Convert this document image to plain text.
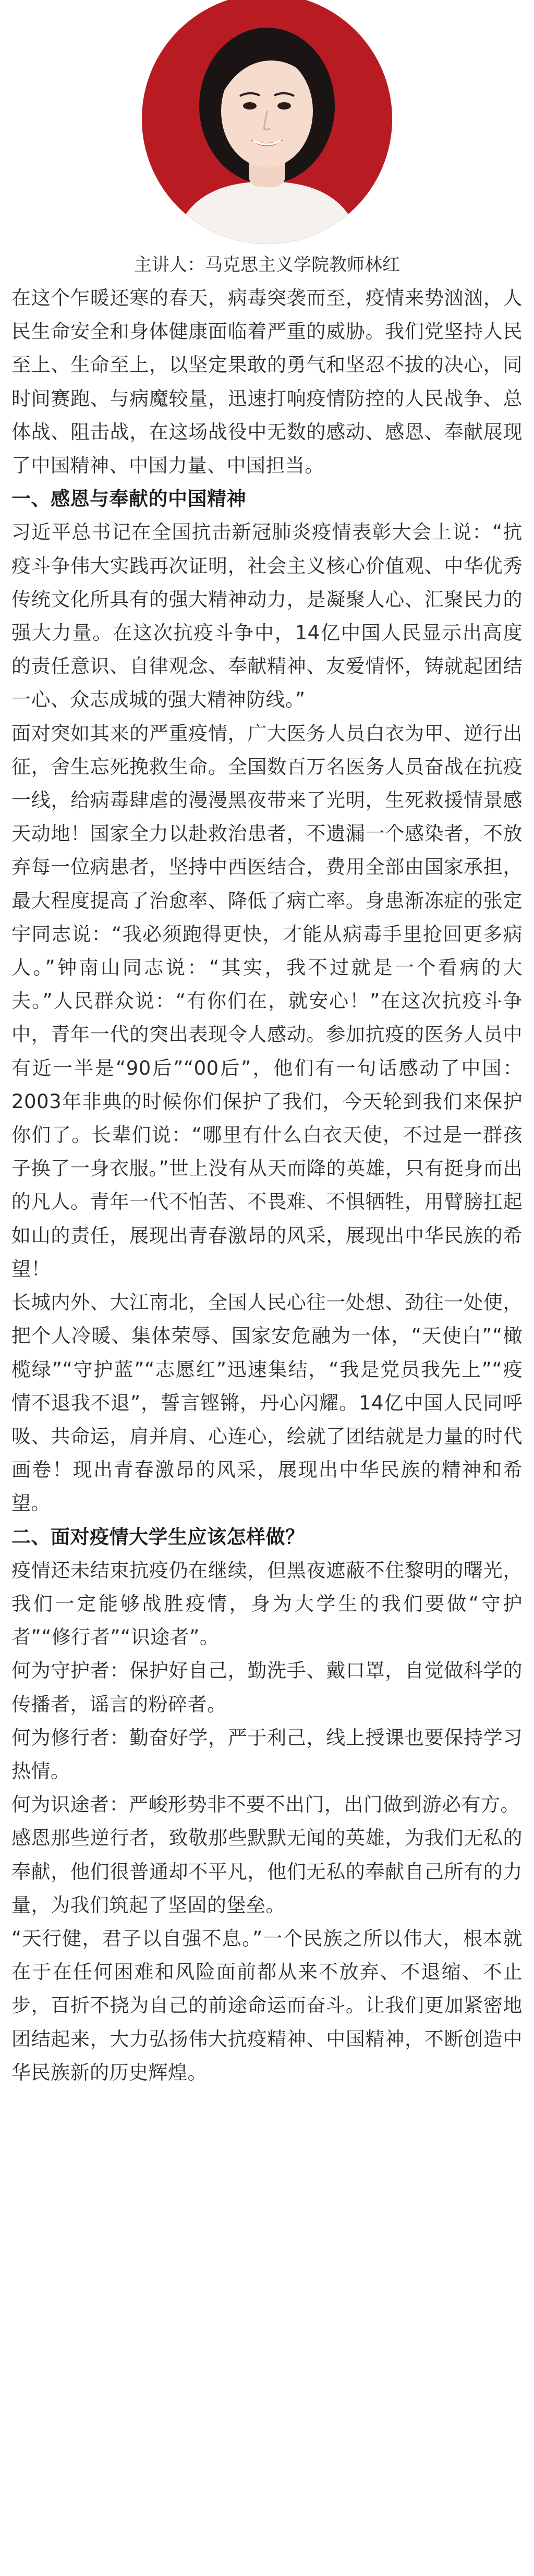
主讲人：马克思主义学院教师林红

在这个乍暖还寒的春天，病毒突袭而至，疫情来势汹汹，人民生命安全和身体健康面临着严重的威胁。我们党坚持人民至上、生命至上，以坚定果敢的勇气和坚忍不拔的决心，同时间赛跑、与病魔较量，迅速打响疫情防控的人民战争、总体战、阻击战，在这场战役中无数的感动、感恩、奉献展现了中国精神、中国力量、中国担当。

一、感恩与奉献的中国精神

习近平总书记在全国抗击新冠肺炎疫情表彰大会上说：“抗疫斗争伟大实践再次证明，社会主义核心价值观、中华优秀传统文化所具有的强大精神动力，是凝聚人心、汇聚民力的强大力量。在这次抗疫斗争中，14亿中国人民显示出高度的责任意识、自律观念、奉献精神、友爱情怀，铸就起团结一心、众志成城的强大精神防线。”

面对突如其来的严重疫情，广大医务人员白衣为甲、逆行出征，舍生忘死挽救生命。全国数百万名医务人员奋战在抗疫一线，给病毒肆虐的漫漫黑夜带来了光明，生死救援情景感天动地！国家全力以赴救治患者，不遗漏一个感染者，不放弃每一位病患者，坚持中西医结合，费用全部由国家承担，最大程度提高了治愈率、降低了病亡率。身患渐冻症的张定宇同志说：“我必须跑得更快，才能从病毒手里抢回更多病人。”钟南山同志说：“其实，我不过就是一个看病的大夫。”人民群众说：“有你们在，就安心！”在这次抗疫斗争中，青年一代的突出表现令人感动。参加抗疫的医务人员中有近一半是“90后”“00后”，他们有一句话感动了中国：2003年非典的时候你们保护了我们，今天轮到我们来保护你们了。长辈们说：“哪里有什么白衣天使，不过是一群孩子换了一身衣服。”世上没有从天而降的英雄，只有挺身而出的凡人。青年一代不怕苦、不畏难、不惧牺牲，用臂膀扛起如山的责任，展现出青春激昂的风采，展现出中华民族的希望！

长城内外、大江南北，全国人民心往一处想、劲往一处使，把个人冷暖、集体荣辱、国家安危融为一体，“天使白”“橄榄绿”“守护蓝”“志愿红”迅速集结，“我是党员我先上”“疫情不退我不退”，誓言铿锵，丹心闪耀。14亿中国人民同呼吸、共命运，肩并肩、心连心，绘就了团结就是力量的时代画卷！现出青春激昂的风采，展现出中华民族的精神和希望。

二、面对疫情大学生应该怎样做？

疫情还未结束抗疫仍在继续，但黑夜遮蔽不住黎明的曙光，我们一定能够战胜疫情，身为大学生的我们要做“守护者”“修行者”“识途者”。

何为守护者：保护好自己，勤洗手、戴口罩，自觉做科学的传播者，谣言的粉碎者。

何为修行者：勤奋好学，严于利己，线上授课也要保持学习热情。

何为识途者：严峻形势非不要不出门，出门做到游必有方。

感恩那些逆行者，致敬那些默默无闻的英雄，为我们无私的奉献，他们很普通却不平凡，他们无私的奉献自己所有的力量，为我们筑起了坚固的堡垒。

“天行健，君子以自强不息。”一个民族之所以伟大，根本就在于在任何困难和风险面前都从来不放弃、不退缩、不止步，百折不挠为自己的前途命运而奋斗。让我们更加紧密地团结起来，大力弘扬伟大抗疫精神、中国精神，不断创造中华民族新的历史辉煌。
